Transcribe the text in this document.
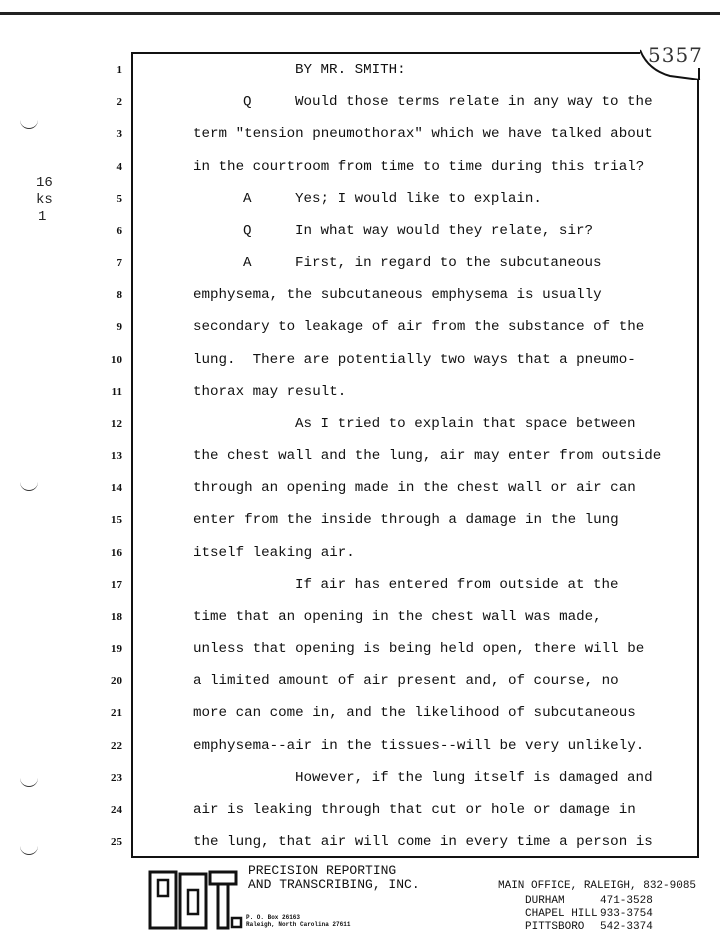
5357
16
ks
1
1	BY MR. SMITH:
2	Q	Would those terms relate in any way to the
3	term "tension pneumothorax" which we have talked about
4	in the courtroom from time to time during this trial?
5	A	Yes; I would like to explain.
6	Q	In what way would they relate, sir?
7	A	First, in regard to the subcutaneous
8	emphysema, the subcutaneous emphysema is usually
9	secondary to leakage of air from the substance of the
10	lung.  There are potentially two ways that a pneumo-
11	thorax may result.
12	As I tried to explain that space between
13	the chest wall and the lung, air may enter from outside
14	through an opening made in the chest wall or air can
15	enter from the inside through a damage in the lung
16	itself leaking air.
17	If air has entered from outside at the
18	time that an opening in the chest wall was made,
19	unless that opening is being held open, there will be
20	a limited amount of air present and, of course, no
21	more can come in, and the likelihood of subcutaneous
22	emphysema--air in the tissues--will be very unlikely.
23	However, if the lung itself is damaged and
24	air is leaking through that cut or hole or damage in
25	the lung, that air will come in every time a person is
PRECISION REPORTING
AND TRANSCRIBING, INC.
P. O. Box 26163
Raleigh, North Carolina 27611
MAIN OFFICE, RALEIGH, 832-9085
DURHAM	471-3528
CHAPEL HILL 933-3754
PITTSBORO 542-3374
